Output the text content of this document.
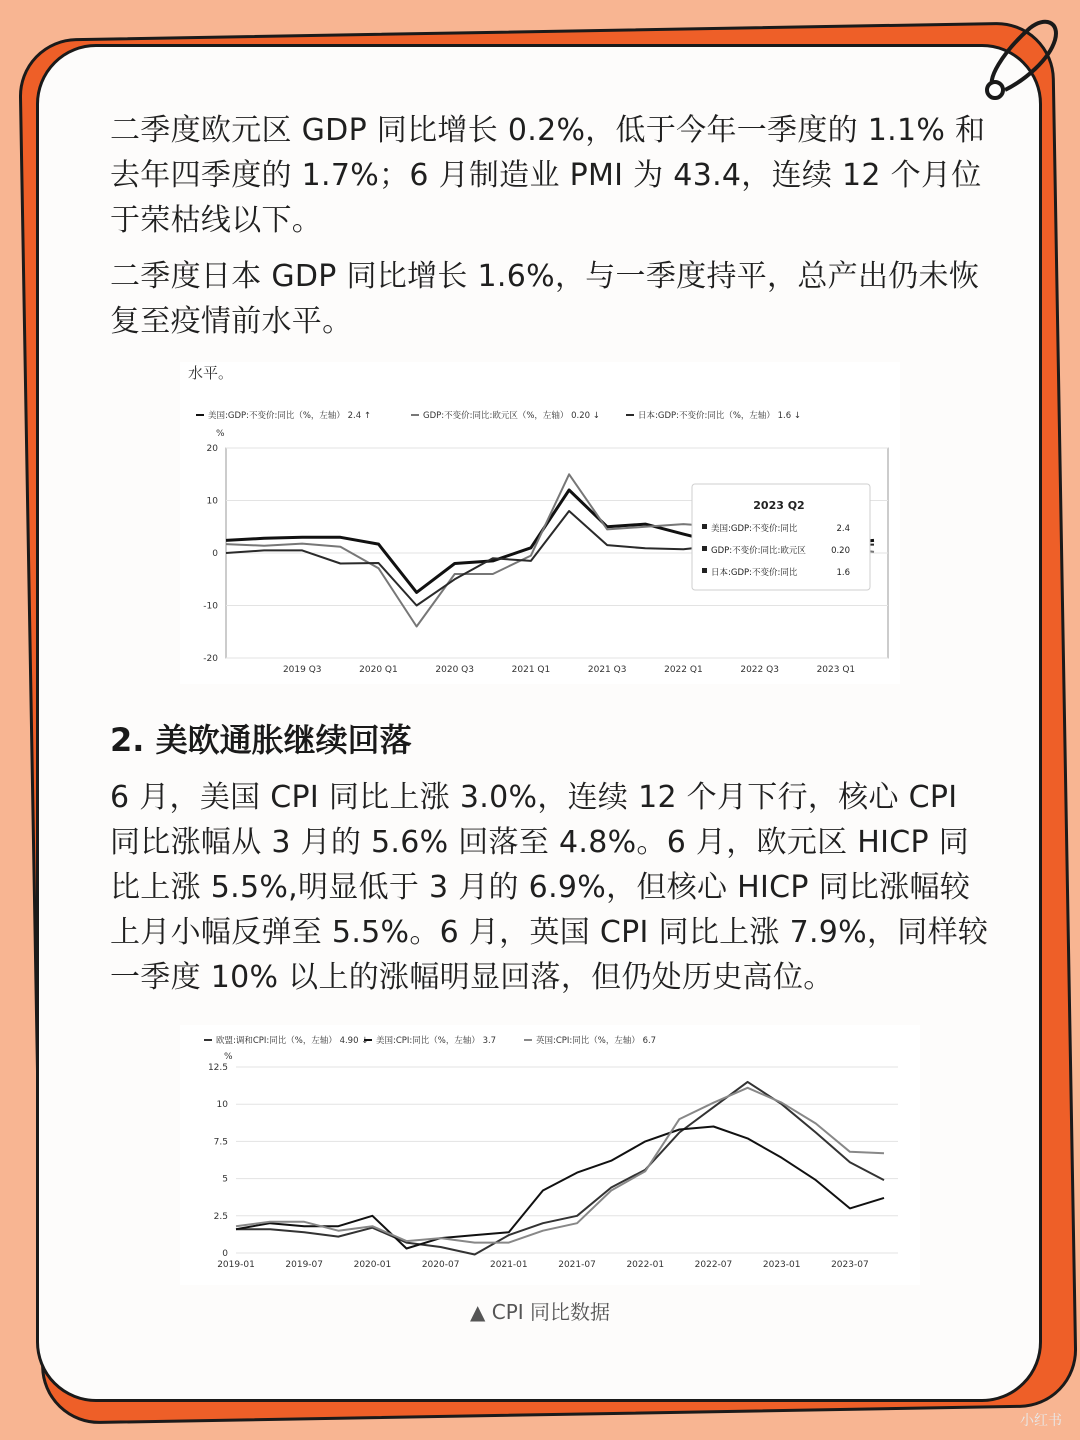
二季度欧元区 GDP 同比增长 0.2%，低于今年一季度的 1.1% 和去年四季度的 1.7%；6 月制造业 PMI 为 43.4，连续 12 个月位于荣枯线以下。

二季度日本 GDP 同比增长 1.6%，与一季度持平，总产出仍未恢复至疫情前水平。

水平。
美国:GDP:不变价:同比（%，左轴） 2.4 ↑	GDP:不变价:同比:欧元区（%，左轴） 0.20 ↓	日本:GDP:不变价:同比（%，左轴） 1.6 ↓
%
20
10
0
-10
-20
2019 Q3	2020 Q1	2020 Q3	2021 Q1	2021 Q3	2022 Q1	2022 Q3	2023 Q1
2023 Q2
美国:GDP:不变价:同比	2.4
GDP:不变价:同比:欧元区	0.20
日本:GDP:不变价:同比	1.6
2. 美欧通胀继续回落

6 月，美国 CPI 同比上涨 3.0%，连续 12 个月下行，核心 CPI 同比涨幅从 3 月的 5.6% 回落至 4.8%。6 月，欧元区 HICP 同比上涨 5.5%,明显低于 3 月的 6.9%，但核心 HICP 同比涨幅较上月小幅反弹至 5.5%。6 月，英国 CPI 同比上涨 7.9%，同样较一季度 10% 以上的涨幅明显回落，但仍处历史高位。

欧盟:调和CPI:同比（%，左轴） 4.90 ↓ 美国:CPI:同比（%，左轴） 3.7	英国:CPI:同比（%，左轴） 6.7
%
12.5
10
7.5
5
2.5
0
2019-01	2019-07	2020-01	2020-07	2021-01	2021-07	2022-01	2022-07	2023-01	2023-07
▲ CPI 同比数据
小红书
